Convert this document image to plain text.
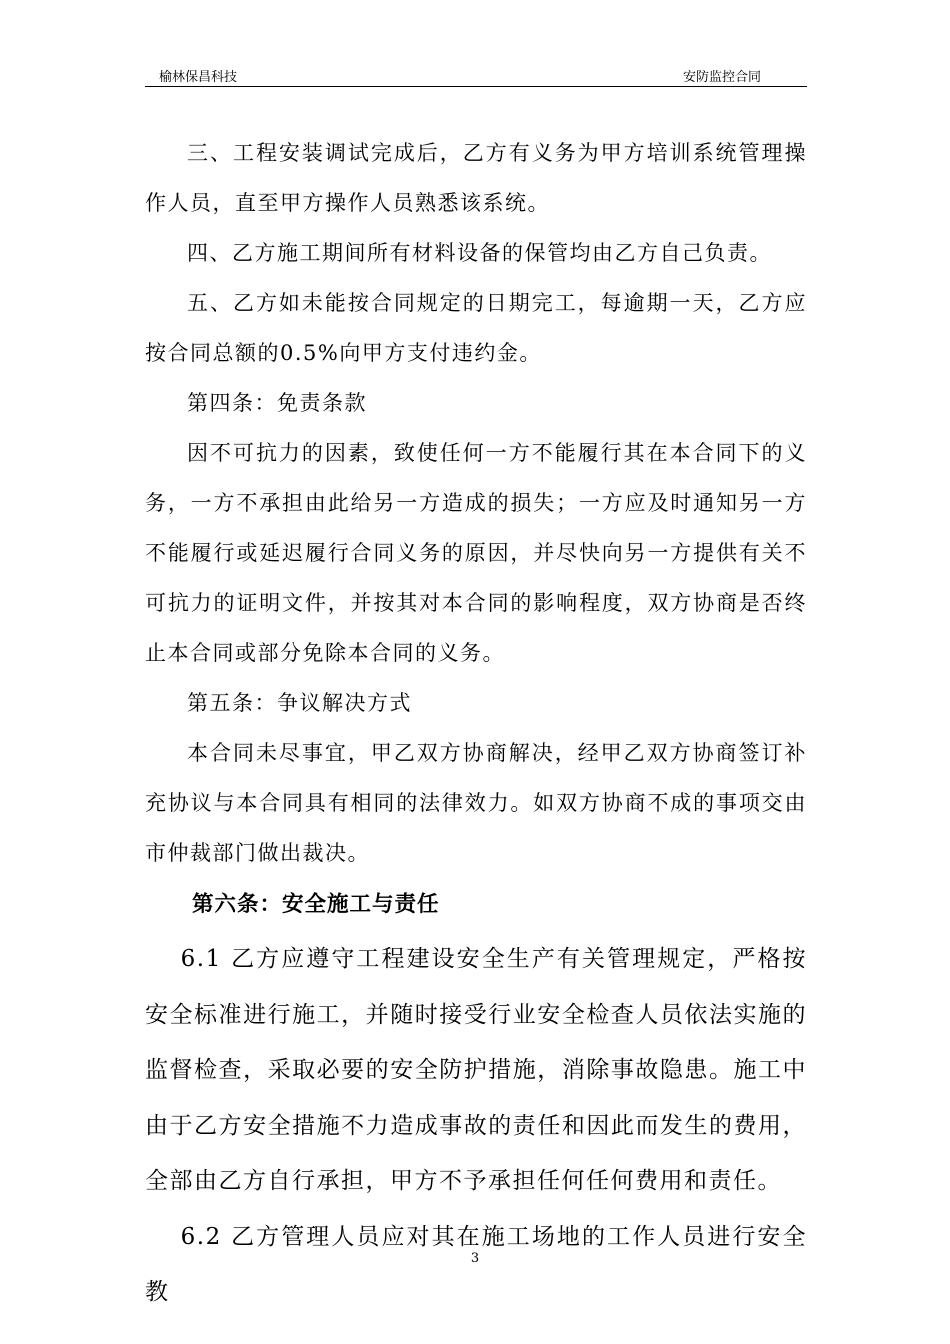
榆林保昌科技	安防监控合同

三、工程安装调试完成后，乙方有义务为甲方培训系统管理操作人员，直至甲方操作人员熟悉该系统。

四、乙方施工期间所有材料设备的保管均由乙方自己负责。

五、乙方如未能按合同规定的日期完工，每逾期一天，乙方应按合同总额的0.5%向甲方支付违约金。

第四条：免责条款

因不可抗力的因素，致使任何一方不能履行其在本合同下的义务，一方不承担由此给另一方造成的损失；一方应及时通知另一方不能履行或延迟履行合同义务的原因，并尽快向另一方提供有关不可抗力的证明文件，并按其对本合同的影响程度，双方协商是否终止本合同或部分免除本合同的义务。

第五条：争议解决方式

本合同未尽事宜，甲乙双方协商解决，经甲乙双方协商签订补充协议与本合同具有相同的法律效力。如双方协商不成的事项交由市仲裁部门做出裁决。

第六条：安全施工与责任

6.1 乙方应遵守工程建设安全生产有关管理规定，严格按安全标准进行施工，并随时接受行业安全检查人员依法实施的监督检查，采取必要的安全防护措施，消除事故隐患。施工中由于乙方安全措施不力造成事故的责任和因此而发生的费用，全部由乙方自行承担，甲方不予承担任何任何费用和责任。

6.2 乙方管理人员应对其在施工场地的工作人员进行安全教

3
